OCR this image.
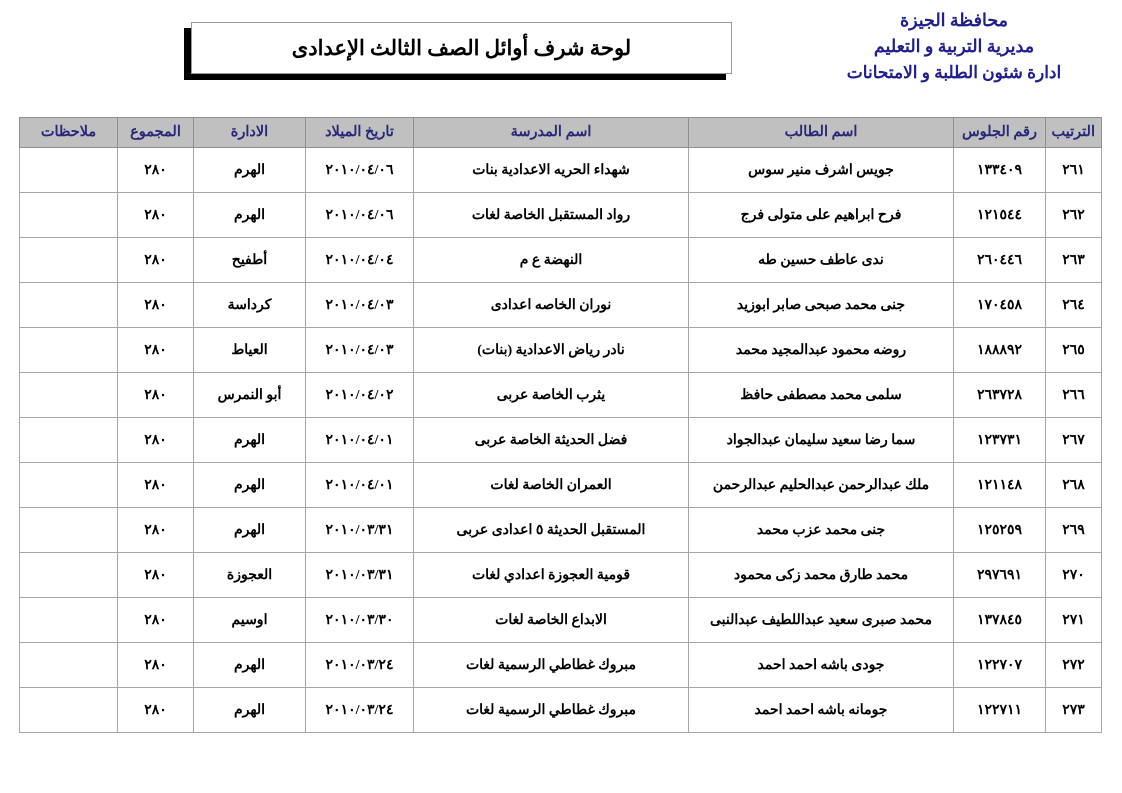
محافظة الجيزة
مديرية التربية و التعليم
ادارة شئون الطلبة و الامتحانات
لوحة شرف أوائل الصف الثالث الإعدادى
الترتيب	رقم الجلوس	اسم الطالب	اسم المدرسة	تاريخ الميلاد	الادارة	المجموع	ملاحظات
٢٦١	١٣٣٤٠٩	جويس اشرف منير سوس	شهداء الحريه الاعدادية بنات	٢٠١٠/٠٤/٠٦	الهرم	٢٨٠	
٢٦٢	١٢١٥٤٤	فرح ابراهيم على متولى فرج	رواد المستقبل الخاصة لغات	٢٠١٠/٠٤/٠٦	الهرم	٢٨٠	
٢٦٣	٢٦٠٤٤٦	ندى عاطف حسين طه	النهضة ع م	٢٠١٠/٠٤/٠٤	أطفيح	٢٨٠	
٢٦٤	١٧٠٤٥٨	جنى محمد صبحى صابر ابوزيد	نوران الخاصه اعدادى	٢٠١٠/٠٤/٠٣	كرداسة	٢٨٠	
٢٦٥	١٨٨٨٩٢	روضه محمود عبدالمجيد محمد	نادر رياض الاعدادية (بنات)	٢٠١٠/٠٤/٠٣	العياط	٢٨٠	
٢٦٦	٢٦٣٧٢٨	سلمى محمد مصطفى حافظ	يثرب الخاصة عربى	٢٠١٠/٠٤/٠٢	أبو النمرس	٢٨٠	
٢٦٧	١٢٣٧٣١	سما رضا سعيد سليمان عبدالجواد	فضل الحديثة الخاصة عربى	٢٠١٠/٠٤/٠١	الهرم	٢٨٠	
٢٦٨	١٢١١٤٨	ملك عبدالرحمن عبدالحليم عبدالرحمن	العمران الخاصة لغات	٢٠١٠/٠٤/٠١	الهرم	٢٨٠	
٢٦٩	١٢٥٢٥٩	جنى محمد عزب محمد	المستقبل الحديثة ٥ اعدادى عربى	٢٠١٠/٠٣/٣١	الهرم	٢٨٠	
٢٧٠	٢٩٧٦٩١	محمد طارق محمد زكى محمود	قومية العجوزة اعدادي لغات	٢٠١٠/٠٣/٣١	العجوزة	٢٨٠	
٢٧١	١٣٧٨٤٥	محمد صبرى سعيد عبداللطيف عبدالنبى	الابداع الخاصة لغات	٢٠١٠/٠٣/٣٠	اوسيم	٢٨٠	
٢٧٢	١٢٢٧٠٧	جودى باشه احمد احمد	مبروك غطاطي الرسمية لغات	٢٠١٠/٠٣/٢٤	الهرم	٢٨٠	
٢٧٣	١٢٢٧١١	جومانه باشه احمد احمد	مبروك غطاطي الرسمية لغات	٢٠١٠/٠٣/٢٤	الهرم	٢٨٠	
